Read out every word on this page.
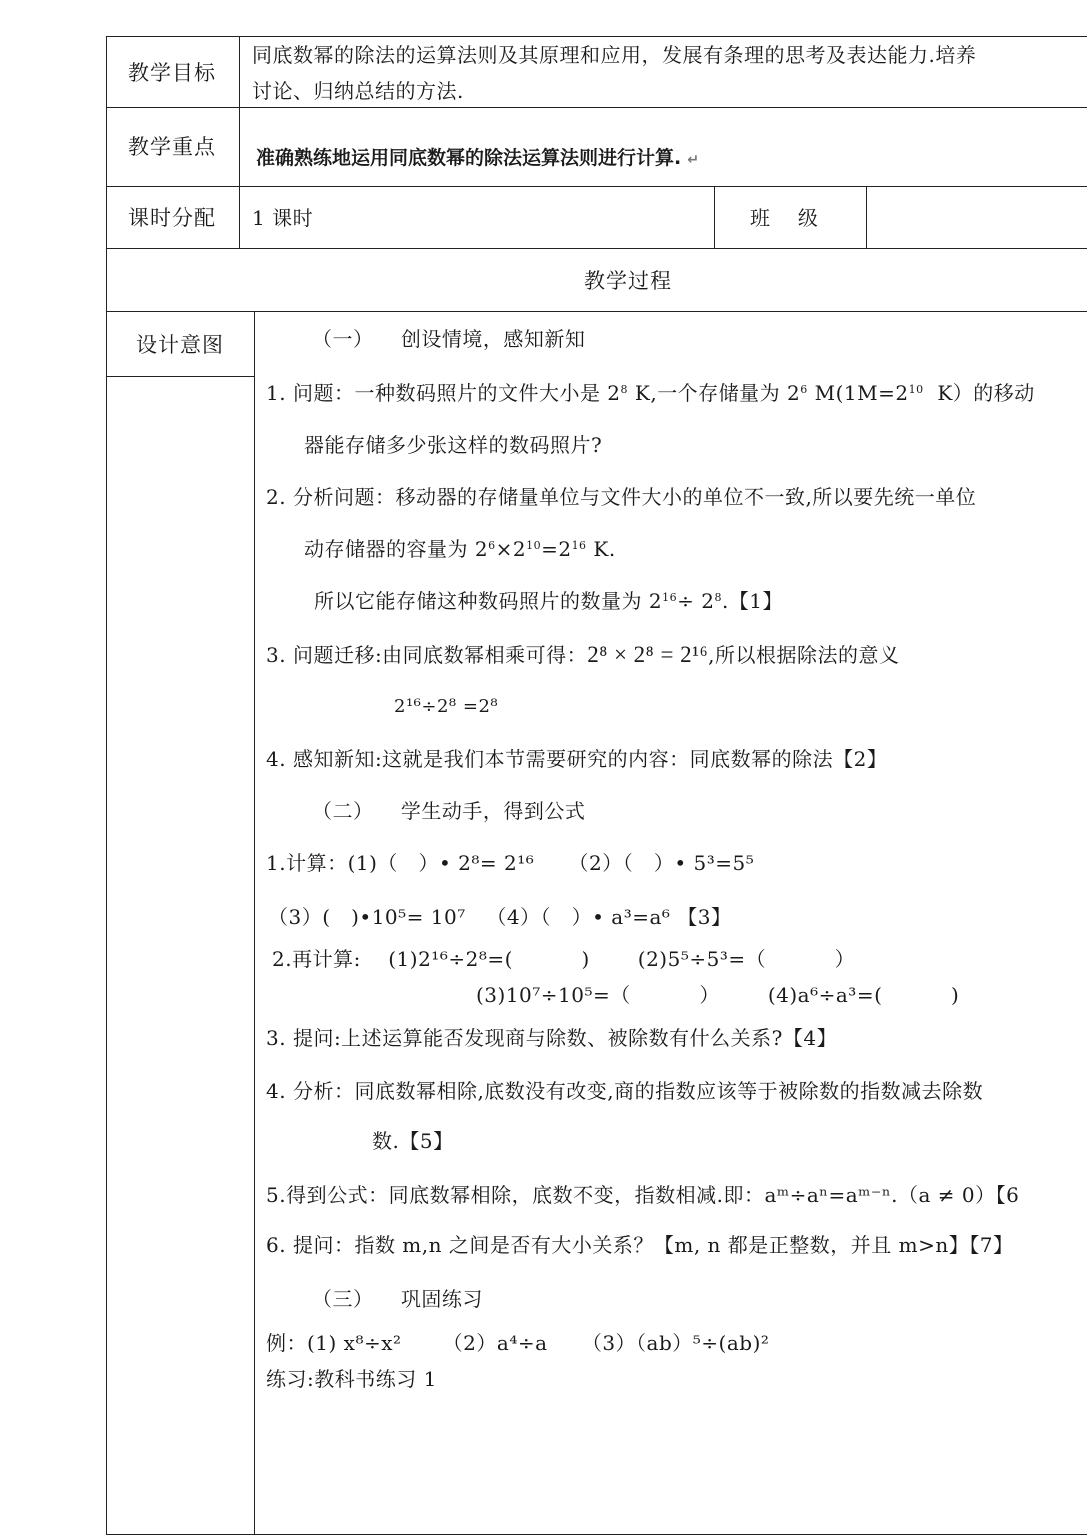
教学目标
同底数幂的除法的运算法则及其原理和应用，发展有条理的思考及表达能力.培养
讨论、归纳总结的方法.
教学重点 准确熟练地运用同底数幂的除法运算法则进行计算. ↵
课时分配 1 课时	班    级
教学过程
设计意图	（一）    创设情境，感知新知
1. 问题：一种数码照片的文件大小是 $2^8$ K,一个存储量为 $2^6$ $M(1M=2^{10}$  K）的移动
器能存储多少张这样的数码照片?
2. 分析问题：移动器的存储量单位与文件大小的单位不一致,所以要先统一单位
动存储器的容量为 $2^6\times 2^{10}=2^{16}$ K.
所以它能存储这种数码照片的数量为 $2^{16}\div 2^8$.【1】
3. 问题迁移:由同底数幂相乘可得：2⁸ × 2⁸ = 2¹⁶,所以根据除法的意义
2¹⁶÷2⁸ =2⁸
4. 感知新知:这就是我们本节需要研究的内容：同底数幂的除法【2】
（二）    学生动手，得到公式
1.计算：(1)（   ）• 2⁸= 2¹⁶     （2）（   ）• 5³=5⁵
（3）(   )•10⁵= 10⁷   （4）（   ）• a³=a⁶ 【3】
2.再计算:    (1)2¹⁶÷2⁸=(          )       (2)5⁵÷5³=（          ）
(3)10⁷÷10⁵=（          ）       (4)a⁶÷a³=(          )
3. 提问:上述运算能否发现商与除数、被除数有什么关系?【4】
4. 分析：同底数幂相除,底数没有改变,商的指数应该等于被除数的指数减去除数
数.【5】
5.得到公式：同底数幂相除，底数不变，指数相减.即：aᵐ÷aⁿ=aᵐ⁻ⁿ.（a ≠ 0）【6
6. 提问：指数 m,n 之间是否有大小关系？【m, n 都是正整数，并且 m>n】【7】
（三）    巩固练习
例：(1) x⁸÷x²      （2）a⁴÷a     （3）（ab）⁵÷(ab)²
练习:教科书练习 1
